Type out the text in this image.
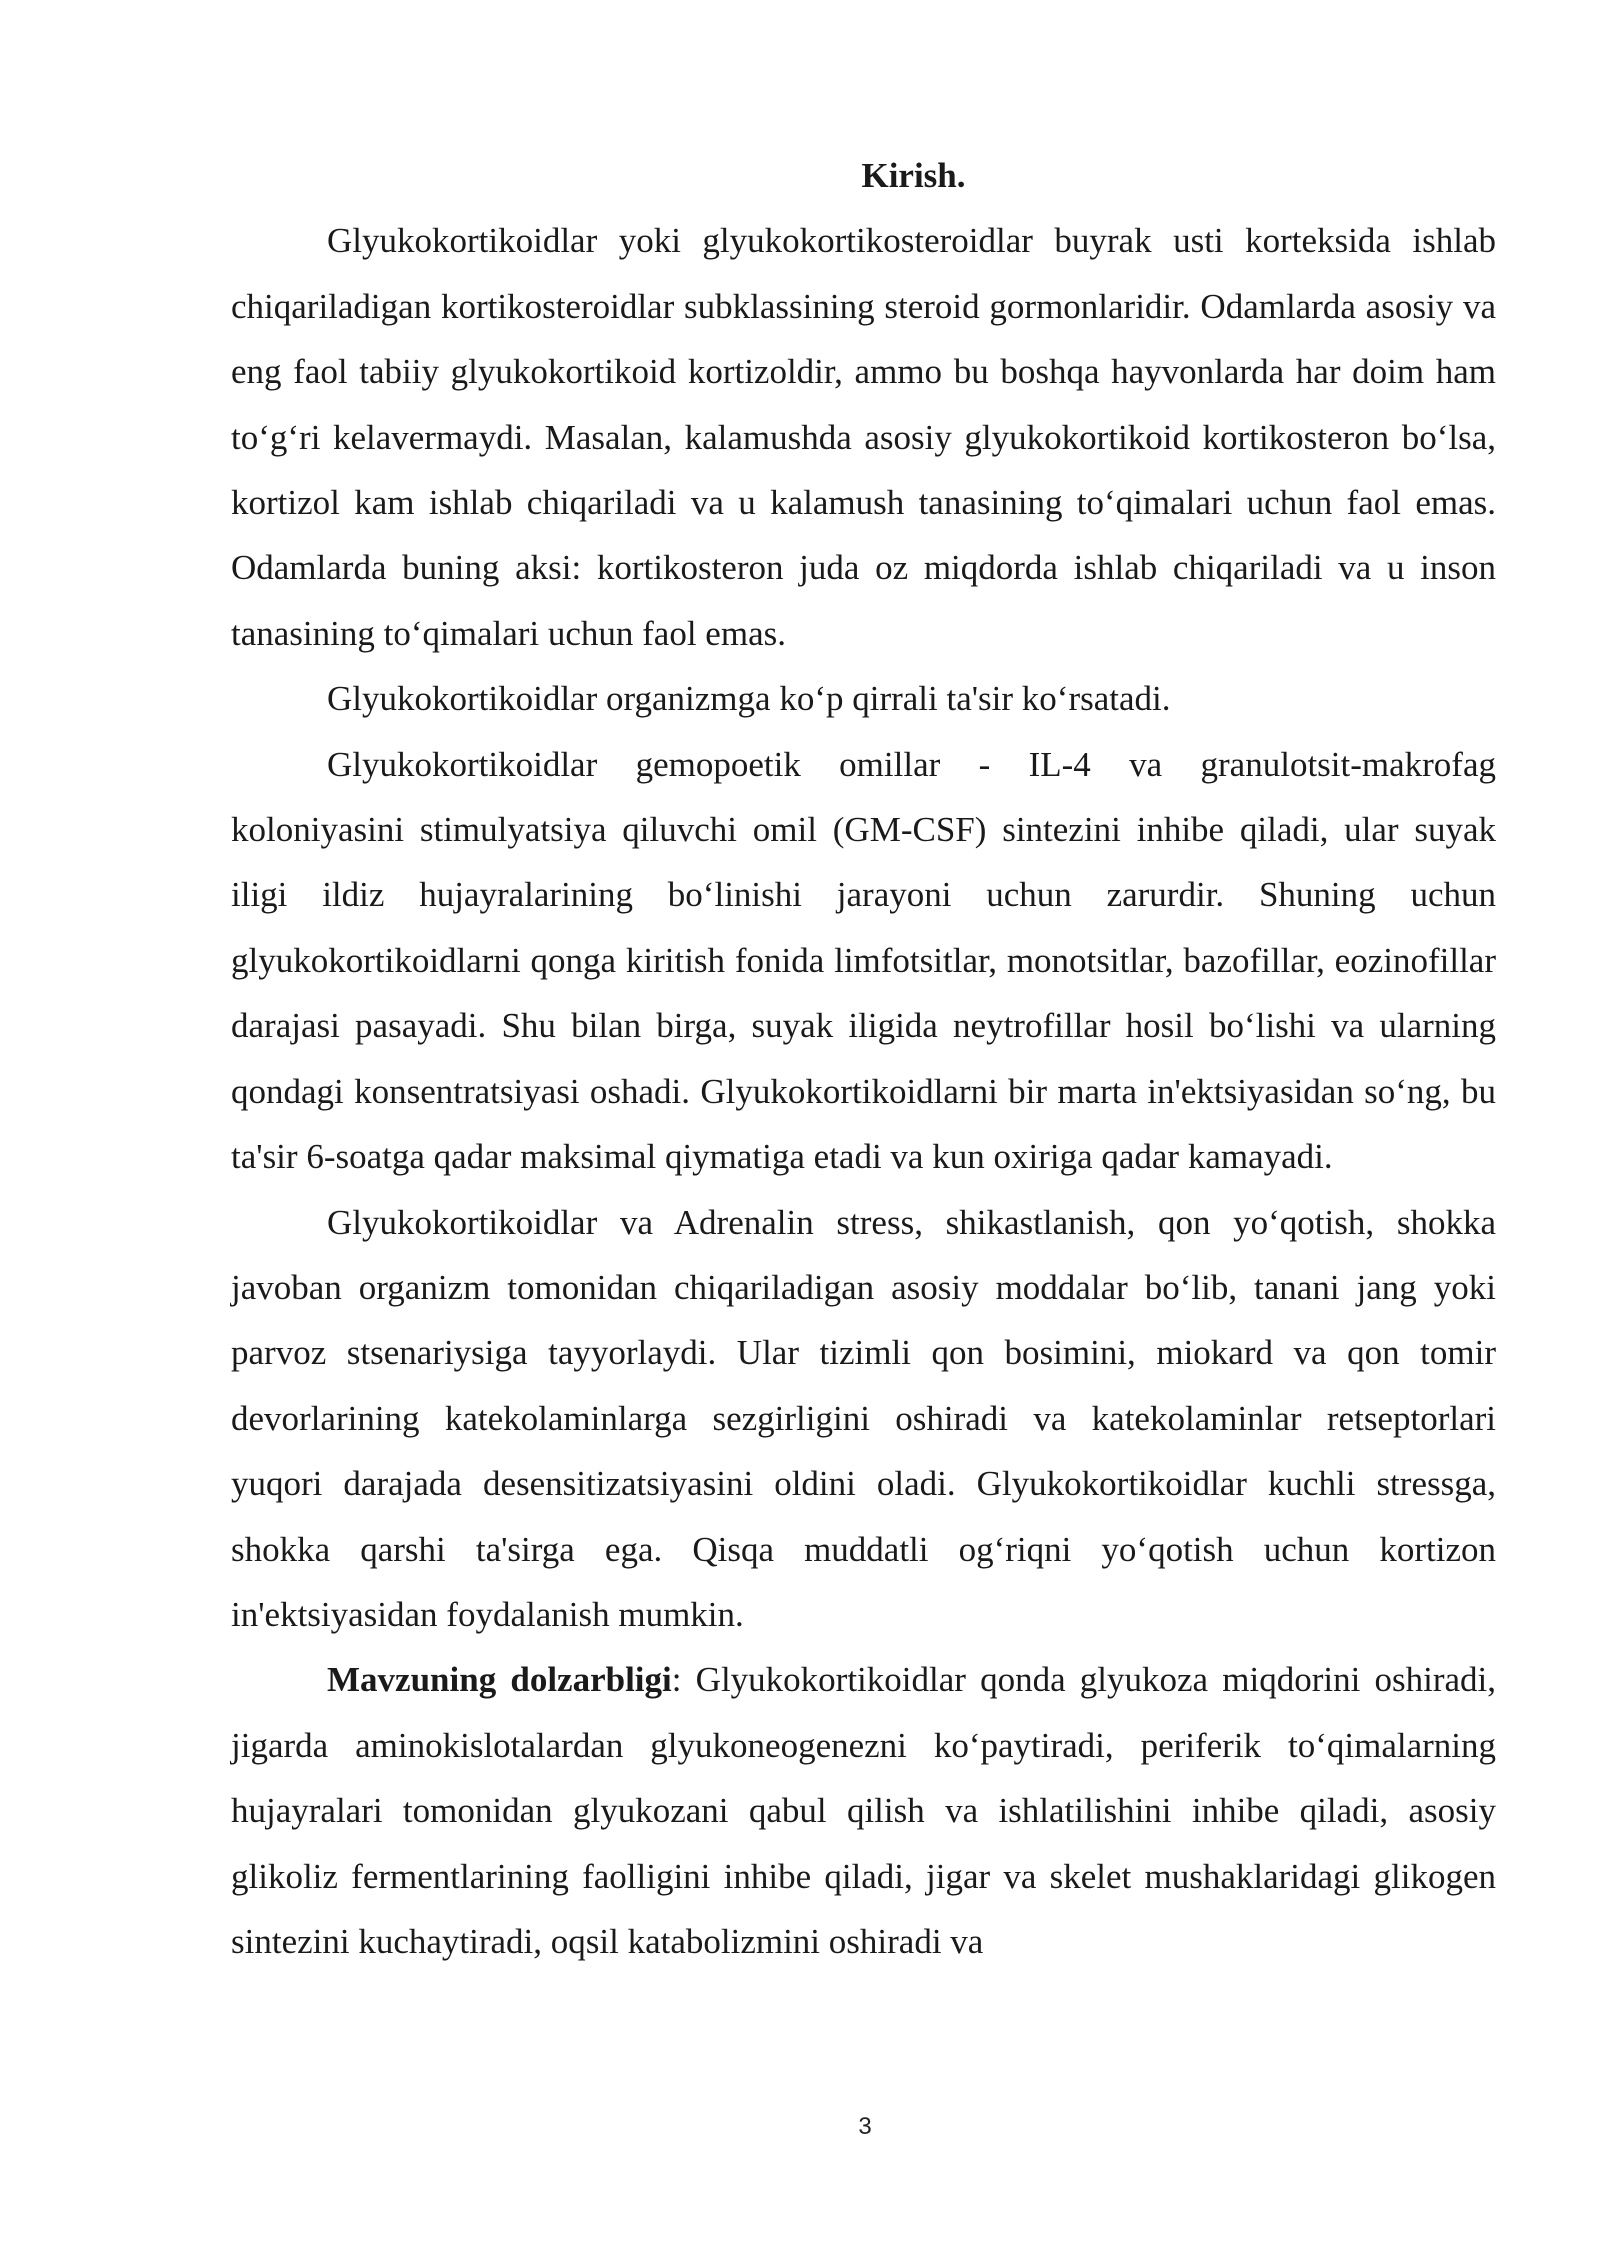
Kirish.

Glyukokortikoidlar yoki glyukokortikosteroidlar buyrak usti korteksida ishlab chiqariladigan kortikosteroidlar subklassining steroid gormonlaridir. Odamlarda asosiy va eng faol tabiiy glyukokortikoid kortizoldir, ammo bu boshqa hayvonlarda har doim ham to‘g‘ri kelavermaydi. Masalan, kalamushda asosiy glyukokortikoid kortikosteron bo‘lsa, kortizol kam ishlab chiqariladi va u kalamush tanasining to‘qimalari uchun faol emas. Odamlarda buning aksi: kortikosteron juda oz miqdorda ishlab chiqariladi va u inson tanasining to‘qimalari uchun faol emas.

Glyukokortikoidlar organizmga ko‘p qirrali ta'sir ko‘rsatadi.

Glyukokortikoidlar gemopoetik omillar - IL-4 va granulotsit-makrofag koloniyasini stimulyatsiya qiluvchi omil (GM-CSF) sintezini inhibe qiladi, ular suyak iligi ildiz hujayralarining bo‘linishi jarayoni uchun zarurdir. Shuning uchun glyukokortikoidlarni qonga kiritish fonida limfotsitlar, monotsitlar, bazofillar, eozinofillar darajasi pasayadi. Shu bilan birga, suyak iligida neytrofillar hosil bo‘lishi va ularning qondagi konsentratsiyasi oshadi. Glyukokortikoidlarni bir marta in'ektsiyasidan so‘ng, bu ta'sir 6-soatga qadar maksimal qiymatiga etadi va kun oxiriga qadar kamayadi.

Glyukokortikoidlar va Adrenalin stress, shikastlanish, qon yo‘qotish, shokka javoban organizm tomonidan chiqariladigan asosiy moddalar bo‘lib, tanani jang yoki parvoz stsenariysiga tayyorlaydi. Ular tizimli qon bosimini, miokard va qon tomir devorlarining katekolaminlarga sezgirligini oshiradi va katekolaminlar retseptorlari yuqori darajada desensitizatsiyasini oldini oladi. Glyukokortikoidlar kuchli stressga, shokka qarshi ta'sirga ega. Qisqa muddatli og‘riqni yo‘qotish uchun kortizon in'ektsiyasidan foydalanish mumkin.

Mavzuning dolzarbligi: Glyukokortikoidlar qonda glyukoza miqdorini oshiradi, jigarda aminokislotalardan glyukoneogenezni ko‘paytiradi, periferik to‘qimalarning hujayralari tomonidan glyukozani qabul qilish va ishlatilishini inhibe qiladi, asosiy glikoliz fermentlarining faolligini inhibe qiladi, jigar va skelet mushaklaridagi glikogen sintezini kuchaytiradi, oqsil katabolizmini oshiradi va

3
